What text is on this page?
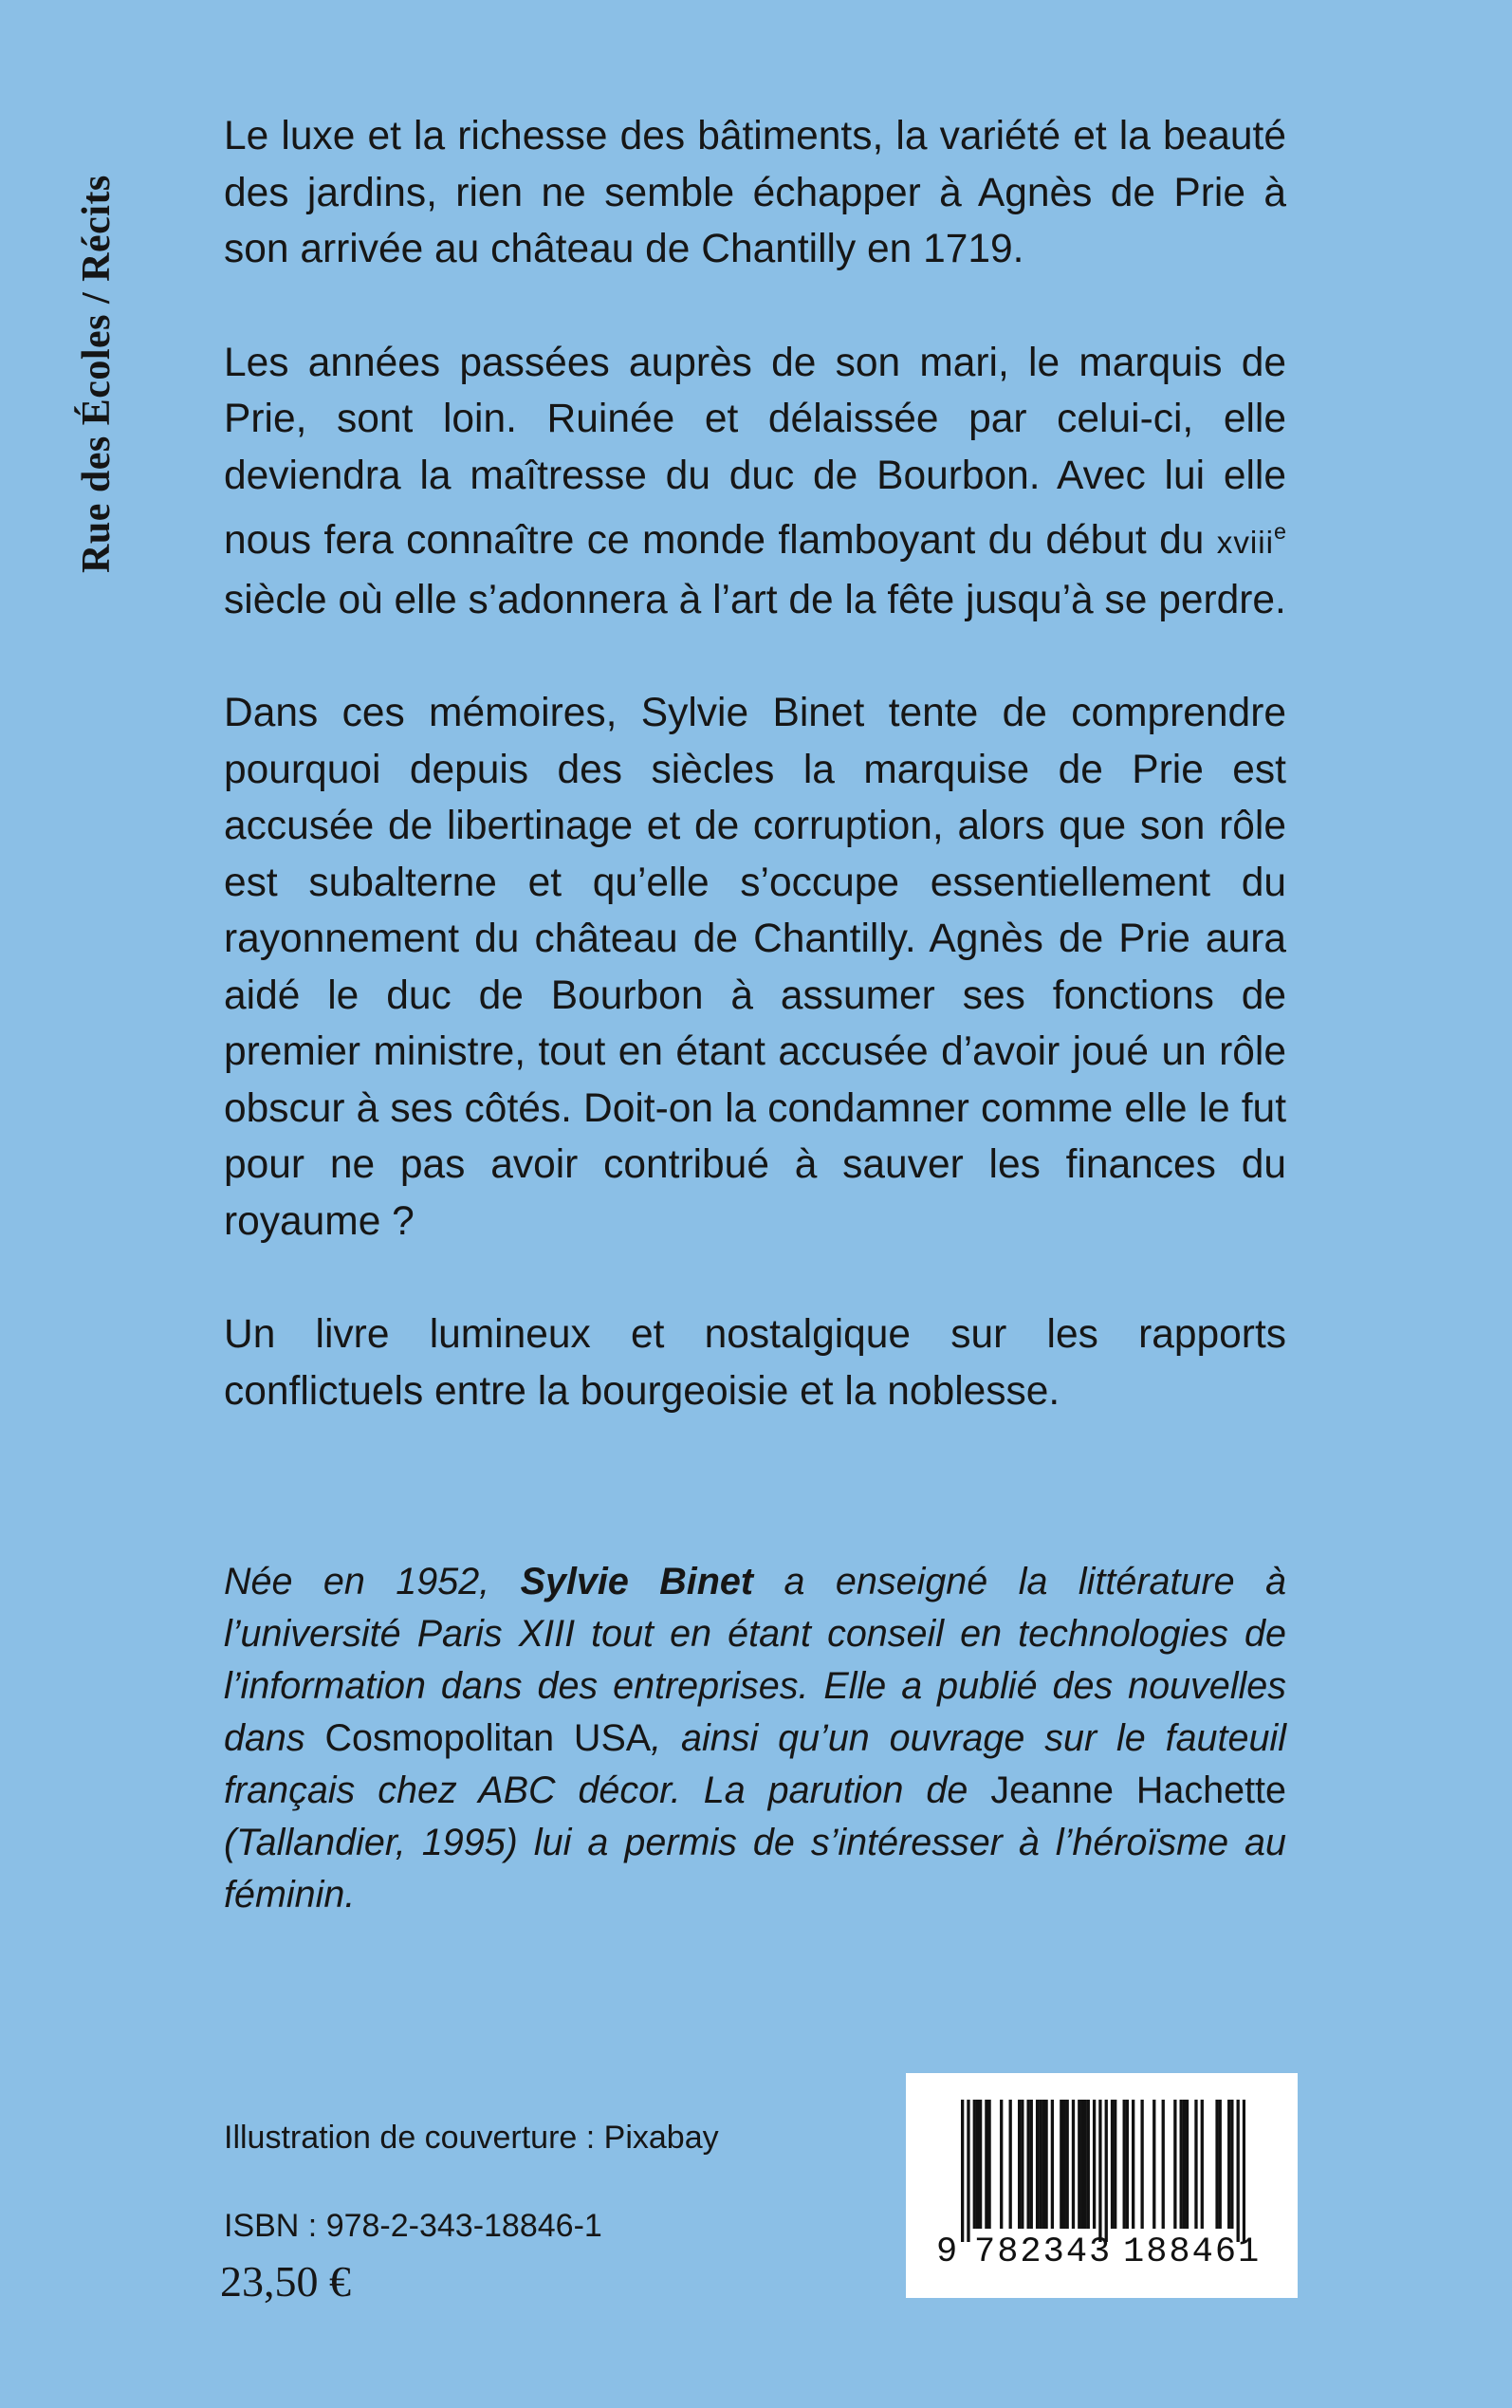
Rue des Écoles / Récits

Le luxe et la richesse des bâtiments, la variété et la beauté des jardins, rien ne semble échapper à Agnès de Prie à son arrivée au château de Chantilly en 1719.

Les années passées auprès de son mari, le marquis de Prie, sont loin. Ruinée et délaissée par celui-ci, elle deviendra la maîtresse du duc de Bourbon. Avec lui elle nous fera connaître ce monde flamboyant du début du xviii$^e$ siècle où elle s’adonnera à l’art de la fête jusqu’à se perdre.

Dans ces mémoires, Sylvie Binet tente de comprendre pourquoi depuis des siècles la marquise de Prie est accusée de libertinage et de corruption, alors que son rôle est subalterne et qu’elle s’occupe essentiellement du rayonnement du château de Chantilly. Agnès de Prie aura aidé le duc de Bourbon à assumer ses fonctions de premier ministre, tout en étant accusée d’avoir joué un rôle obscur à ses côtés. Doit-on la condamner comme elle le fut pour ne pas avoir contribué à sauver les finances du royaume ?

Un livre lumineux et nostalgique sur les rapports conflictuels entre la bourgeoisie et la noblesse.

Née en 1952, Sylvie Binet a enseigné la littérature à l’université Paris XIII tout en étant conseil en technologies de l’information dans des entreprises. Elle a publié des nouvelles dans Cosmopolitan USA, ainsi qu’un ouvrage sur le fauteuil français chez ABC décor. La parution de Jeanne Hachette (Tallandier, 1995) lui a permis de s’intéresser à l’héroïsme au féminin.
Illustration de couverture : Pixabay
ISBN : 978-2-343-18846-1
23,50 €
9 782343 188461
